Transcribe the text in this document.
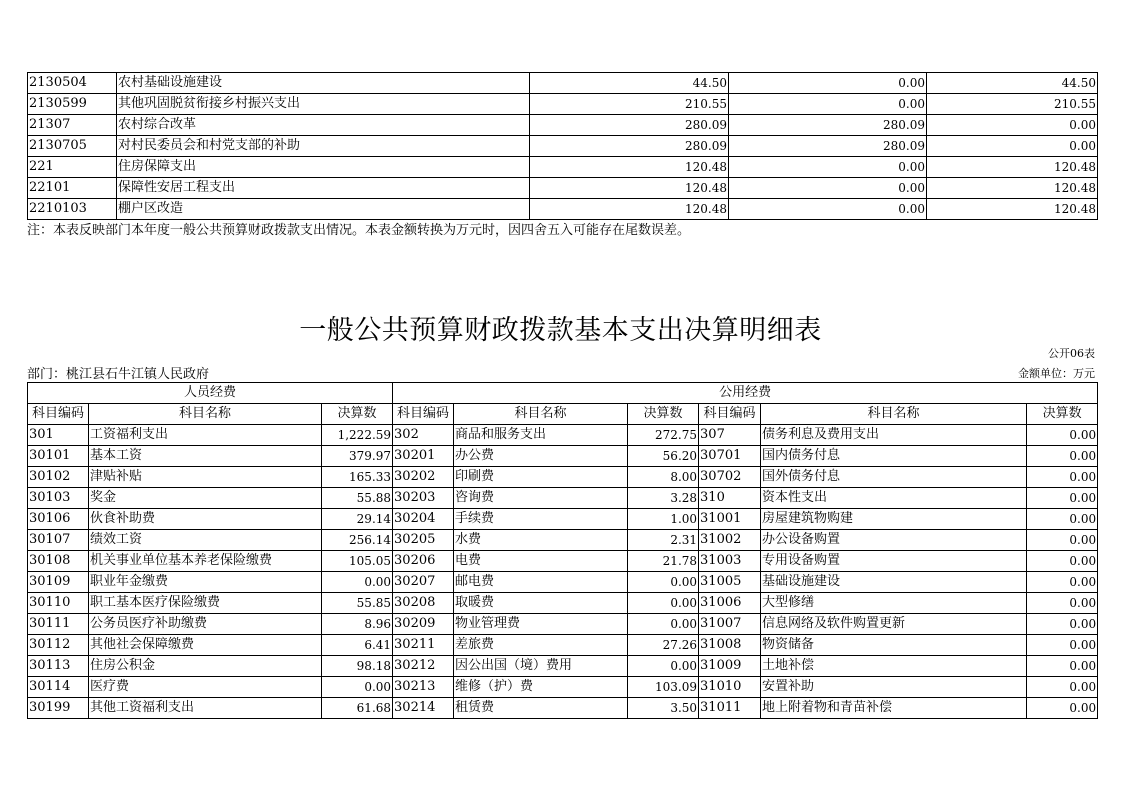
2130504	农村基础设施建设	44.50	0.00	44.50
2130599	其他巩固脱贫衔接乡村振兴支出	210.55	0.00	210.55
21307	农村综合改革	280.09	280.09	0.00
2130705	对村民委员会和村党支部的补助	280.09	280.09	0.00
221	住房保障支出	120.48	0.00	120.48
22101	保障性安居工程支出	120.48	0.00	120.48
2210103	棚户区改造	120.48	0.00	120.48
注：本表反映部门本年度一般公共预算财政拨款支出情况。本表金额转换为万元时，因四舍五入可能存在尾数误差。
一般公共预算财政拨款基本支出决算明细表
公开06表
部门：桃江县石牛江镇人民政府	金额单位：万元
人员经费			公用经费					
科目编码	科目名称	决算数	科目编码	科目名称	决算数	科目编码	科目名称	决算数
301	工资福利支出	1,222.59	302	商品和服务支出	272.75	307	债务利息及费用支出	0.00
30101	基本工资	379.97	30201	办公费	56.20	30701	国内债务付息	0.00
30102	津贴补贴	165.33	30202	印刷费	8.00	30702	国外债务付息	0.00
30103	奖金	55.88	30203	咨询费	3.28	310	资本性支出	0.00
30106	伙食补助费	29.14	30204	手续费	1.00	31001	房屋建筑物购建	0.00
30107	绩效工资	256.14	30205	水费	2.31	31002	办公设备购置	0.00
30108	机关事业单位基本养老保险缴费	105.05	30206	电费	21.78	31003	专用设备购置	0.00
30109	职业年金缴费	0.00	30207	邮电费	0.00	31005	基础设施建设	0.00
30110	职工基本医疗保险缴费	55.85	30208	取暖费	0.00	31006	大型修缮	0.00
30111	公务员医疗补助缴费	8.96	30209	物业管理费	0.00	31007	信息网络及软件购置更新	0.00
30112	其他社会保障缴费	6.41	30211	差旅费	27.26	31008	物资储备	0.00
30113	住房公积金	98.18	30212	因公出国（境）费用	0.00	31009	土地补偿	0.00
30114	医疗费	0.00	30213	维修（护）费	103.09	31010	安置补助	0.00
30199	其他工资福利支出	61.68	30214	租赁费	3.50	31011	地上附着物和青苗补偿	0.00
